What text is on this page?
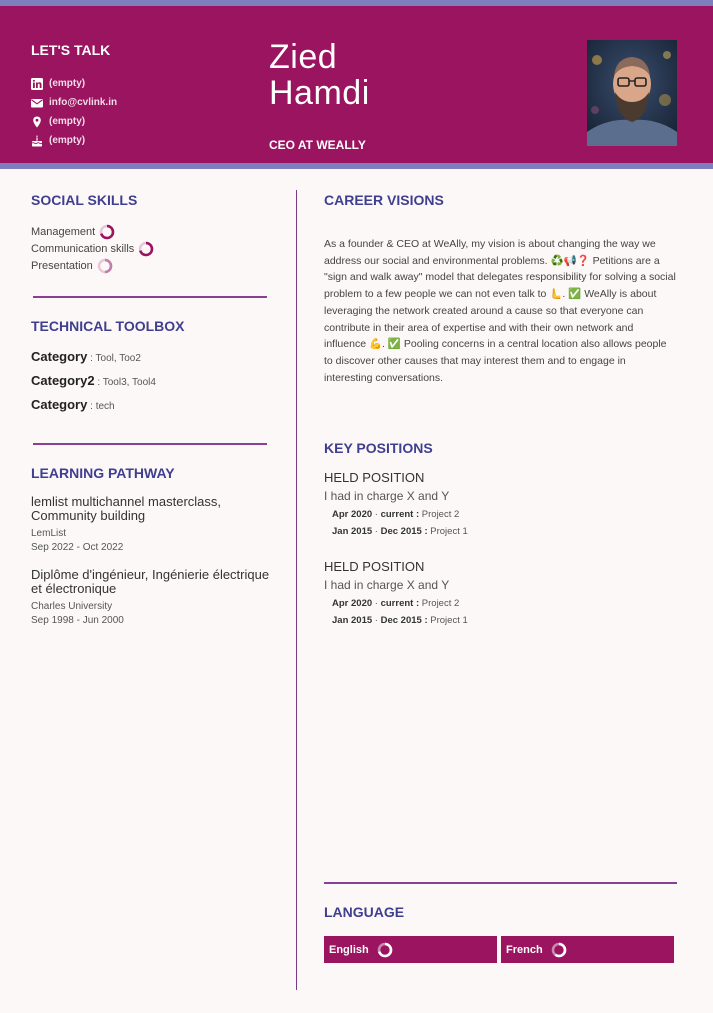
LET'S TALK
(empty)
info@cvlink.in
(empty)
(empty)
Zied
Hamdi
CEO AT WEALLY
SOCIAL SKILLS
Management
Communication skills
Presentation
TECHNICAL TOOLBOX
Category : Tool, Too2
Category2 : Tool3, Tool4
Category : tech
LEARNING PATHWAY
lemlist multichannel masterclass, Community building
LemList
Sep 2022 - Oct 2022
Diplôme d'ingénieur, Ingénierie électrique et électronique
Charles University
Sep 1998 - Jun 2000
CAREER VISIONS
As a founder & CEO at WeAlly, my vision is about changing the way we address our social and environmental problems. ♻️📢❓ Petitions are a "sign and walk away" model that delegates responsibility for solving a social problem to a few people we can not even talk to 🫷. ✅ WeAlly is about leveraging the network created around a cause so that everyone can contribute in their area of expertise and with their own network and influence 💪. ✅ Pooling concerns in a central location also allows people to discover other causes that may interest them and to engage in interesting conversations.
KEY POSITIONS
HELD POSITION
I had in charge X and Y
Apr 2020 · current : Project 2
Jan 2015 · Dec 2015 : Project 1
HELD POSITION
I had in charge X and Y
Apr 2020 · current : Project 2
Jan 2015 · Dec 2015 : Project 1
LANGUAGE
English	French
